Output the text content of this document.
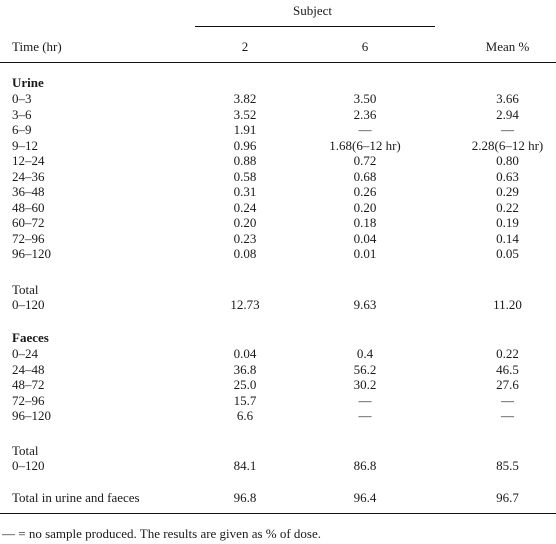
Subject
Time (hr)	2	6	Mean %
Urine
0–3	3.82	3.50	3.66
3–6	3.52	2.36	2.94
6–9	1.91	—	—
9–12	0.96	1.68(6–12 hr)	2.28(6–12 hr)
12–24	0.88	0.72	0.80
24–36	0.58	0.68	0.63
36–48	0.31	0.26	0.29
48–60	0.24	0.20	0.22
60–72	0.20	0.18	0.19
72–96	0.23	0.04	0.14
96–120	0.08	0.01	0.05
Total
0–120	12.73	9.63	11.20
Faeces
0–24	0.04	0.4	0.22
24–48	36.8	56.2	46.5
48–72	25.0	30.2	27.6
72–96	15.7	—	—
96–120	6.6	—	—
Total
0–120	84.1	86.8	85.5
Total in urine and faeces	96.8	96.4	96.7
— = no sample produced. The results are given as % of dose.
